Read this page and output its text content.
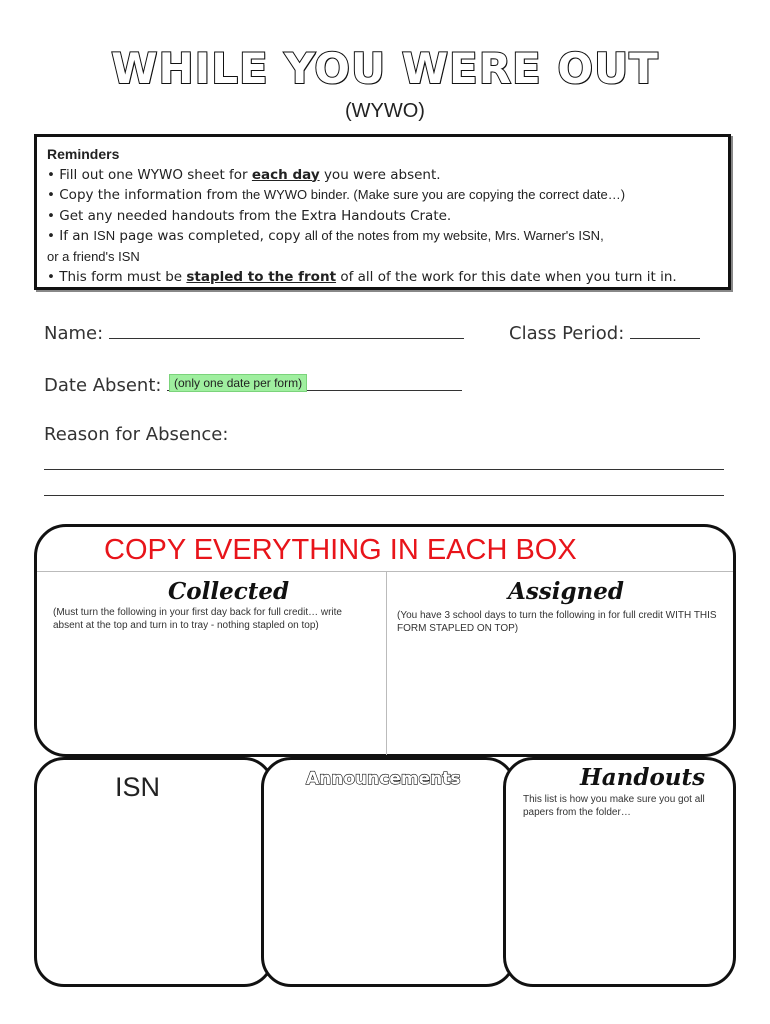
WHILE YOU WERE OUT
(WYWO)
Reminders
• Fill out one WYWO sheet for each day you were absent.
• Copy the information from the WYWO binder. (Make sure you are copying the correct date…)
• Get any needed handouts from the Extra Handouts Crate.
• If an ISN page was completed, copy all of the notes from my website, Mrs. Warner's ISN,
or a friend's ISN
• This form must be stapled to the front of all of the work for this date when you turn it in.
Name:	Class Period:
Date Absent:	(only one date per form)
Reason for Absence:
COPY EVERYTHING IN EACH BOX
Collected
(Must turn the following in your first day back for full credit… write absent at the top and turn in to tray - nothing stapled on top)
Assigned
(You have 3 school days to turn the following in for full credit WITH THIS FORM STAPLED ON TOP)
ISN	Announcements	Handouts
This list is how you make sure you got all papers from the folder…
